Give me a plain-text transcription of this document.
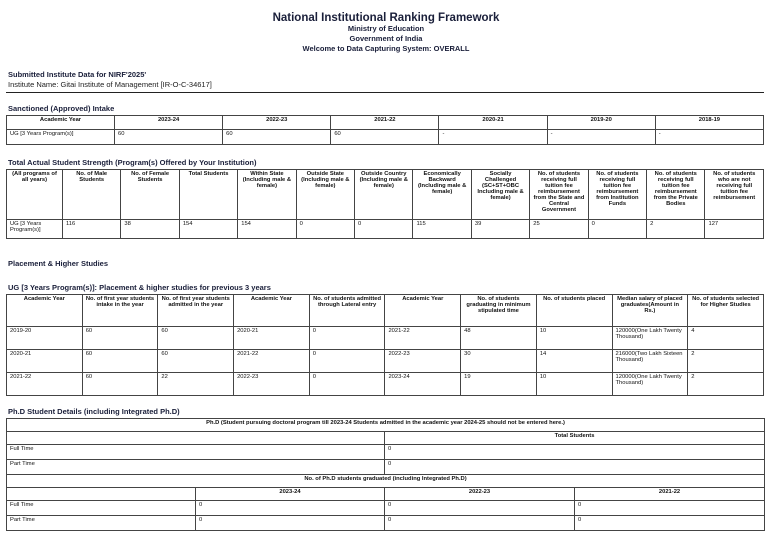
National Institutional Ranking Framework
Ministry of Education
Government of India
Welcome to Data Capturing System: OVERALL
Submitted Institute Data for NIRF'2025'
Institute Name: Gitai Institute of Management [IR-O-C-34617]
Sanctioned (Approved) Intake
Academic Year	2023-24	2022-23	2021-22	2020-21	2019-20	2018-19
UG [3 Years Program(s)]	60	60	60	-	-	-
Total Actual Student Strength (Program(s) Offered by Your Institution)
(All programs of all years)	No. of Male Students	No. of Female Students	Total Students	Within State (Including male & female)	Outside State (Including male & female)	Outside Country (Including male & female)	Economically Backward (Including male & female)	Socially Challenged (SC+ST+OBC Including male & female)	No. of students receiving full tuition fee reimbursement from the State and Central Government	No. of students receiving full tuition fee reimbursement from Institution Funds	No. of students receiving full tuition fee reimbursement from the Private Bodies	No. of students who are not receiving full tuition fee reimbursement
UG [3 Years Program(s)]	116	38	154	154	0	0	115	39	25	0	2	127
Placement & Higher Studies
UG [3 Years Program(s)]: Placement & higher studies for previous 3 years
Academic Year	No. of first year students intake in the year	No. of first year students admitted in the year	Academic Year	No. of students admitted through Lateral entry	Academic Year	No. of students graduating in minimum stipulated time	No. of students placed	Median salary of placed graduates(Amount in Rs.)	No. of students selected for Higher Studies
2019-20	60	60	2020-21	0	2021-22	48	10	120000(One Lakh Twenty Thousand)	4
2020-21	60	60	2021-22	0	2022-23	30	14	216000(Two Lakh Sixteen Thousand)	2
2021-22	60	22	2022-23	0	2023-24	19	10	120000(One Lakh Twenty Thousand)	2
Ph.D Student Details (including Integrated Ph.D)
Ph.D (Student pursuing doctoral program till 2023-24 Students admitted in the academic year 2024-25 should not be entered here.)			
		Total Students	
Full Time		0	
Part Time		0	
No. of Ph.D students graduated (including Integrated Ph.D)			
	2023-24	2022-23	2021-22
Full Time	0	0	0
Part Time	0	0	0
